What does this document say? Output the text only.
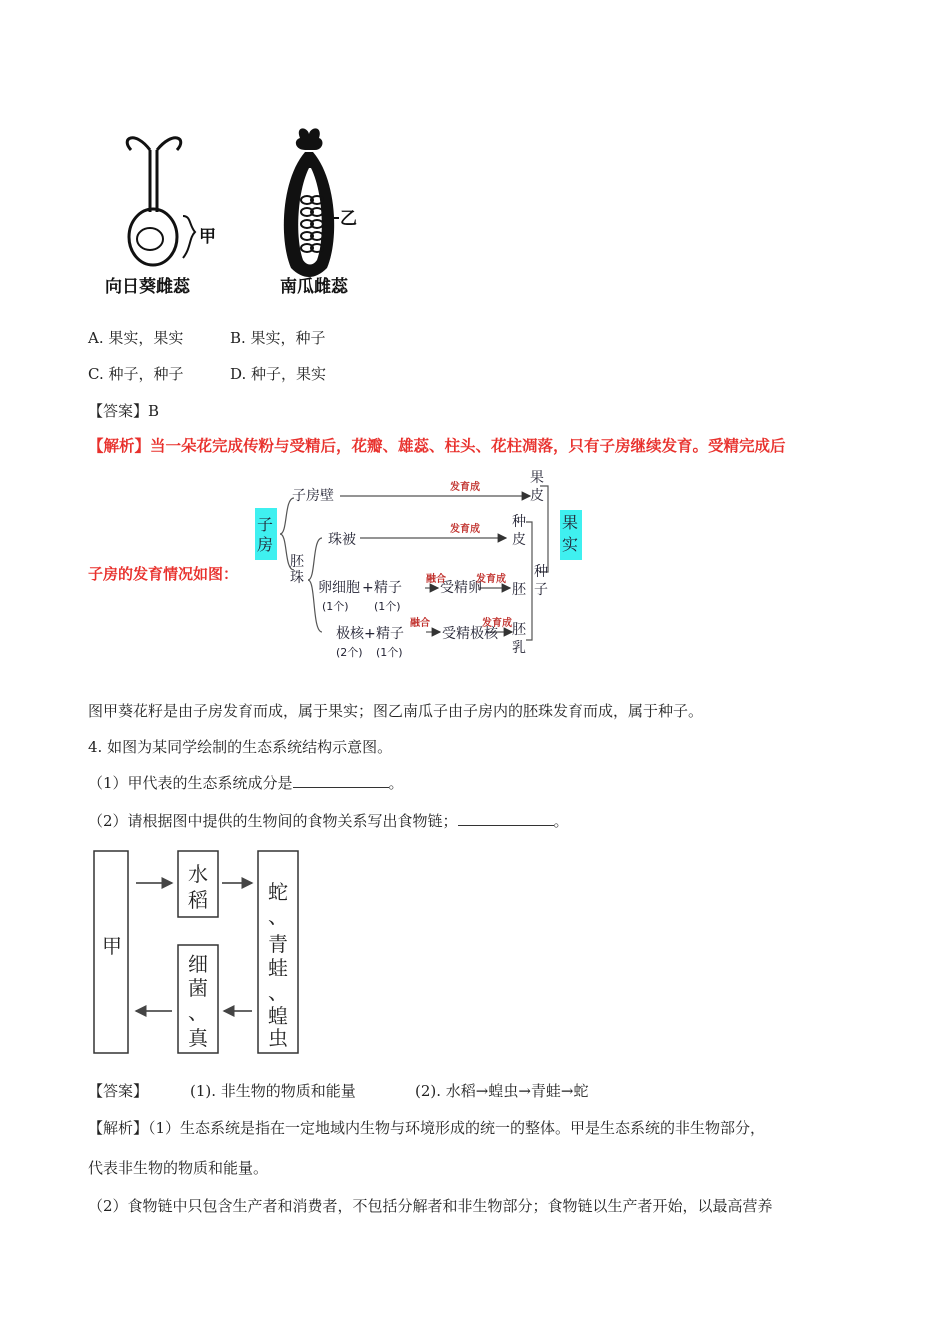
甲
向日葵雌蕊
乙
南瓜雌蕊
A. 果实，果实	B. 果实，种子
C. 种子，种子	D. 种子，果实
【答案】B
【解析】当一朵花完成传粉与受精后，花瓣、雄蕊、柱头、花柱凋落，只有子房继续发育。受精完成后
子房的发育情况如图：
子
子房壁
胚
珠被
卵细胞 + 精子
(1个) (1个)
受精卵
极核 + 精子
(2个) (1个)
受精极核
胚
果
实
房
果
皮
种
皮
种
子
胚
乳
珠
发育成
发育成
融合	发育成
融合	发育成
图甲葵花籽是由子房发育而成，属于果实；图乙南瓜子由子房内的胚珠发育而成，属于种子。
4. 如图为某同学绘制的生态系统结构示意图。
（1）甲代表的生态系统成分是	。
（2）请根据图中提供的生物间的食物关系写出食物链；	。
甲
水
稻	蛇
、
青
蛙
、
蝗
虫
细
菌
、
真
【答案】	(1). 非生物的物质和能量	(2). 水稻→蝗虫→青蛙→蛇
【解析】（1）生态系统是指在一定地域内生物与环境形成的统一的整体。甲是生态系统的非生物部分，
代表非生物的物质和能量。
（2）食物链中只包含生产者和消费者，不包括分解者和非生物部分；食物链以生产者开始，以最高营养
